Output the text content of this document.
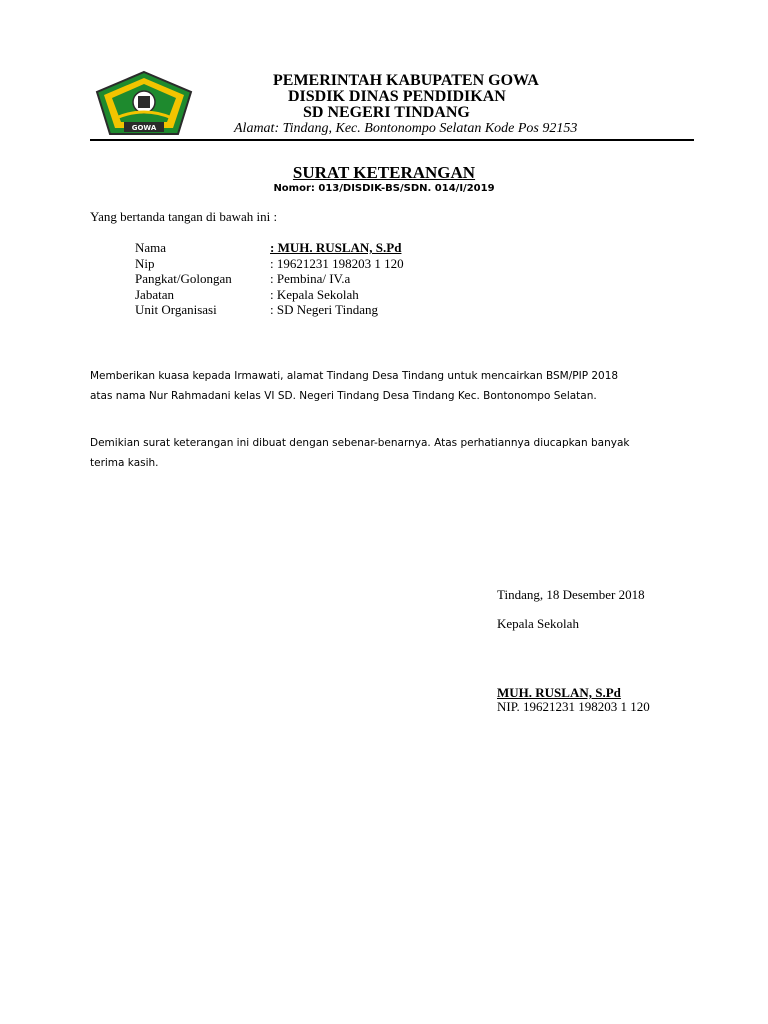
GOWA
PEMERINTAH KABUPATEN GOWA
DISDIK DINAS PENDIDIKAN
SD NEGERI TINDANG
Alamat: Tindang, Kec. Bontonompo Selatan Kode Pos 92153
SURAT KETERANGAN
Nomor: 013/DISDIK-BS/SDN. 014/I/2019
Yang bertanda tangan di bawah ini :
Nama	: MUH. RUSLAN, S.Pd
Nip	: 19621231 198203 1 120
Pangkat/Golongan	: Pembina/ IV.a
Jabatan	: Kepala Sekolah
Unit Organisasi	: SD Negeri Tindang
Memberikan kuasa kepada Irmawati, alamat Tindang Desa Tindang untuk mencairkan BSM/PIP 2018
atas nama Nur Rahmadani kelas VI SD. Negeri Tindang Desa Tindang Kec. Bontonompo Selatan.
Demikian surat keterangan ini dibuat dengan sebenar-benarnya. Atas perhatiannya diucapkan banyak
terima kasih.
Tindang, 18 Desember 2018
Kepala Sekolah
MUH. RUSLAN, S.Pd
NIP. 19621231 198203 1 120
